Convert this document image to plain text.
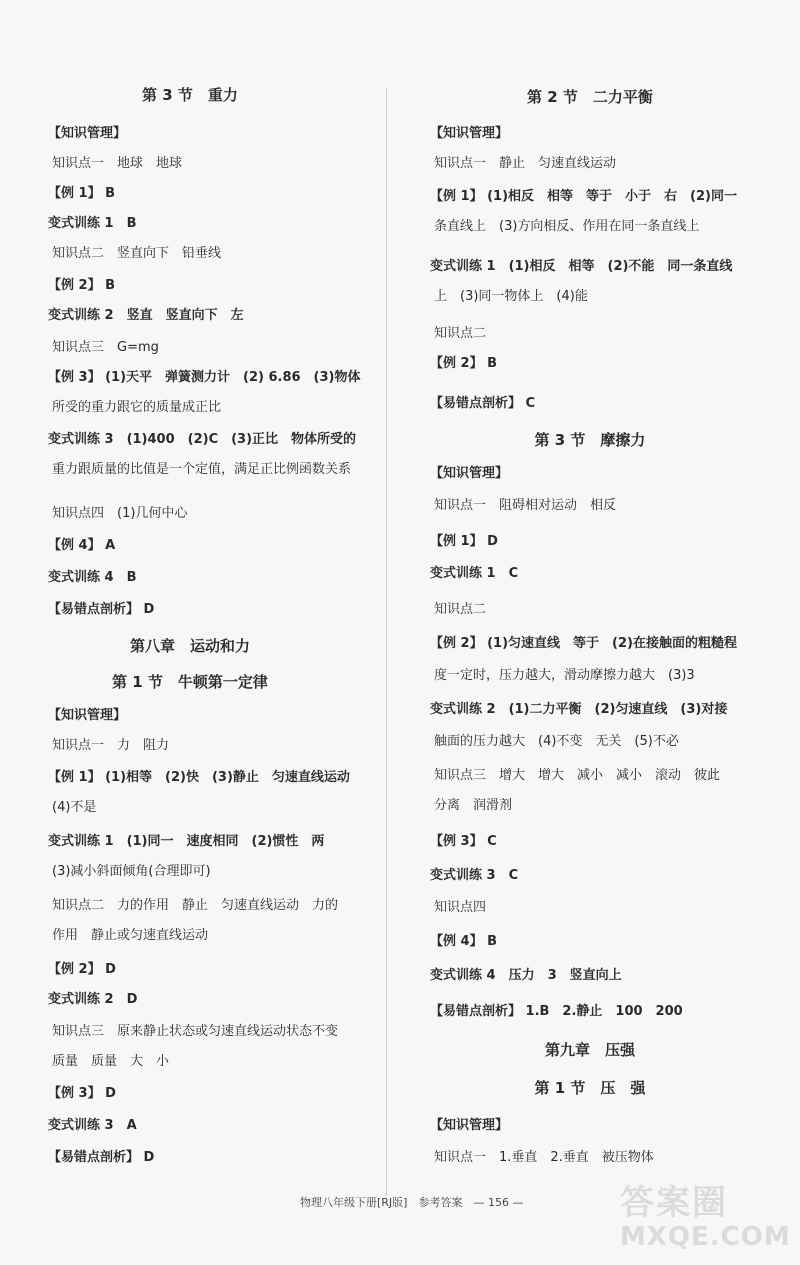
第 3 节　重力
【知识管理】
知识点一　地球　地球
【例 1】 B
变式训练 1　B
知识点二　竖直向下　铅垂线
【例 2】 B
变式训练 2　竖直　竖直向下　左
知识点三　G=mg
【例 3】 (1)天平　弹簧测力计　(2) 6.86　(3)物体
所受的重力跟它的质量成正比
变式训练 3　(1)400　(2)C　(3)正比　物体所受的
重力跟质量的比值是一个定值，满足正比例函数关系
知识点四　(1)几何中心
【例 4】 A
变式训练 4　B
【易错点剖析】 D
第八章　运动和力
第 1 节　牛顿第一定律
【知识管理】
知识点一　力　阻力
【例 1】 (1)相等　(2)快　(3)静止　匀速直线运动
(4)不是
变式训练 1　(1)同一　速度相同　(2)惯性　两
(3)减小斜面倾角(合理即可)
知识点二　力的作用　静止　匀速直线运动　力的
作用　静止或匀速直线运动
【例 2】 D
变式训练 2　D
知识点三　原来静止状态或匀速直线运动状态不变
质量　质量　大　小
【例 3】 D
变式训练 3　A
【易错点剖析】 D
第 2 节　二力平衡
【知识管理】
知识点一　静止　匀速直线运动
【例 1】 (1)相反　相等　等于　小于　右　(2)同一
条直线上　(3)方向相反、作用在同一条直线上
变式训练 1　(1)相反　相等　(2)不能　同一条直线
上　(3)同一物体上　(4)能
知识点二
【例 2】 B
【易错点剖析】 C
第 3 节　摩擦力
【知识管理】
知识点一　阻碍相对运动　相反
【例 1】 D
变式训练 1　C
知识点二
【例 2】 (1)匀速直线　等于　(2)在接触面的粗糙程
度一定时，压力越大，滑动摩擦力越大　(3)3
变式训练 2　(1)二力平衡　(2)匀速直线　(3)对接
触面的压力越大　(4)不变　无关　(5)不必
知识点三　增大　增大　减小　减小　滚动　彼此
分离　润滑剂
【例 3】 C
变式训练 3　C
知识点四
【例 4】 B
变式训练 4　压力　3　竖直向上
【易错点剖析】 1.B　2.静止　100　200
第九章　压强
第 1 节　压　强
【知识管理】
知识点一　1.垂直　2.垂直　被压物体
物理八年级下册[RJ版]　参考答案　— 156 —	答案圈
MXQE.COM
